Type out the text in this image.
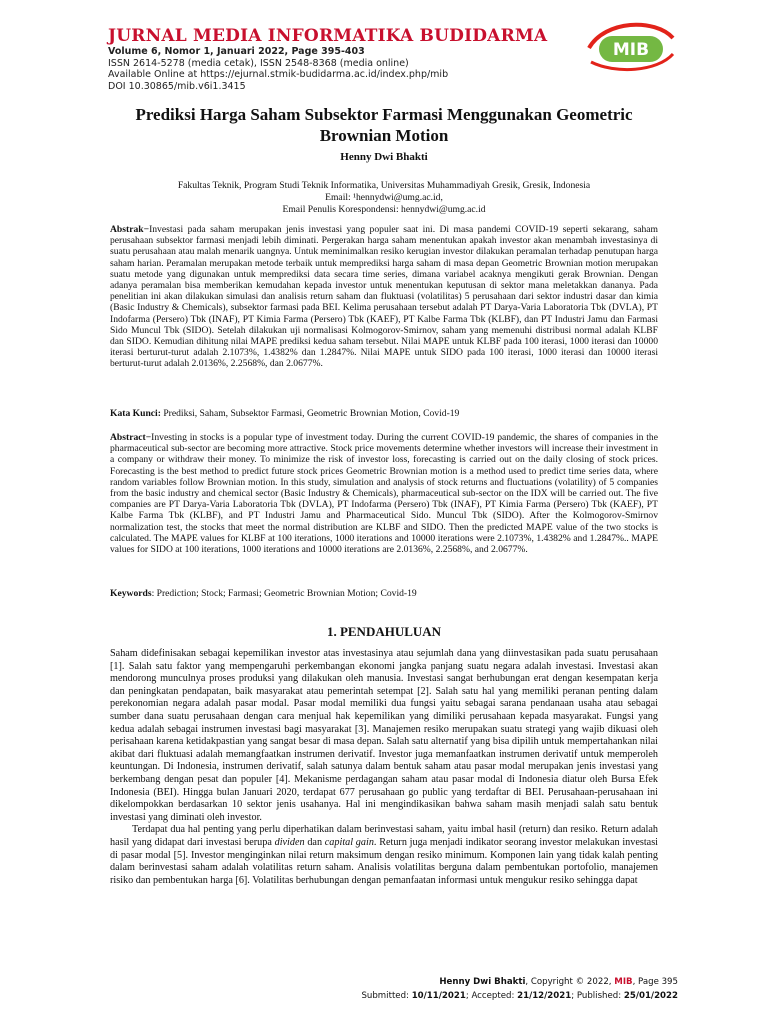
JURNAL MEDIA INFORMATIKA BUDIDARMA
Volume 6, Nomor 1, Januari 2022, Page 395-403
ISSN 2614-5278 (media cetak), ISSN 2548-8368 (media online)
Available Online at https://ejurnal.stmik-budidarma.ac.id/index.php/mib
DOI 10.30865/mib.v6i1.3415
MIB
Prediksi Harga Saham Subsektor Farmasi Menggunakan Geometric
Brownian Motion
Henny Dwi Bhakti
Fakultas Teknik, Program Studi Teknik Informatika, Universitas Muhammadiyah Gresik, Gresik, Indonesia
Email: ¹hennydwi@umg.ac.id,
Email Penulis Korespondensi: hennydwi@umg.ac.id
Abstrak−Investasi pada saham merupakan jenis investasi yang populer saat ini. Di masa pandemi COVID-19 seperti sekarang, saham perusahaan subsektor farmasi menjadi lebih diminati. Pergerakan harga saham menentukan apakah investor akan menambah investasinya di suatu perusahaan atau malah menarik uangnya. Untuk meminimalkan resiko kerugian investor dilakukan peramalan terhadap penutupan harga saham harian. Peramalan merupakan metode terbaik untuk memprediksi harga saham di masa depan Geometric Brownian motion merupakan suatu metode yang digunakan untuk memprediksi data secara time series, dimana variabel acaknya mengikuti gerak Brownian. Dengan adanya peramalan bisa memberikan kemudahan kepada investor untuk menentukan keputusan di sektor mana meletakkan dananya. Pada penelitian ini akan dilakukan simulasi dan analisis return saham dan fluktuasi (volatilitas) 5 perusahaan dari sektor industri dasar dan kimia (Basic Industry & Chemicals), subsektor farmasi pada BEI. Kelima perusahaan tersebut adalah PT Darya-Varia Laboratoria Tbk (DVLA), PT Indofarma (Persero) Tbk (INAF), PT Kimia Farma (Persero) Tbk (KAEF), PT Kalbe Farma Tbk (KLBF), dan PT Industri Jamu dan Farmasi Sido Muncul Tbk (SIDO). Setelah dilakukan uji normalisasi Kolmogorov-Smirnov, saham yang memenuhi distribusi normal adalah KLBF dan SIDO. Kemudian dihitung nilai MAPE prediksi kedua saham tersebut. Nilai MAPE untuk KLBF pada 100 iterasi, 1000 iterasi dan 10000 iterasi berturut-turut adalah 2.1073%, 1.4382% dan 1.2847%. Nilai MAPE untuk SIDO pada 100 iterasi, 1000 iterasi dan 10000 iterasi berturut-turut adalah 2.0136%, 2.2568%, dan 2.0677%.
Kata Kunci: Prediksi, Saham, Subsektor Farmasi, Geometric Brownian Motion, Covid-19
Abstract−Investing in stocks is a popular type of investment today. During the current COVID-19 pandemic, the shares of companies in the pharmaceutical sub-sector are becoming more attractive. Stock price movements determine whether investors will increase their investment in a company or withdraw their money. To minimize the risk of investor loss, forecasting is carried out on the daily closing of stock prices. Forecasting is the best method to predict future stock prices Geometric Brownian motion is a method used to predict time series data, where random variables follow Brownian motion. In this study, simulation and analysis of stock returns and fluctuations (volatility) of 5 companies from the basic industry and chemical sector (Basic Industry & Chemicals), pharmaceutical sub-sector on the IDX will be carried out. The five companies are PT Darya-Varia Laboratoria Tbk (DVLA), PT Indofarma (Persero) Tbk (INAF), PT Kimia Farma (Persero) Tbk (KAEF), PT Kalbe Farma Tbk (KLBF), and PT Industri Jamu and Pharmaceutical Sido. Muncul Tbk (SIDO). After the Kolmogorov-Smirnov normalization test, the stocks that meet the normal distribution are KLBF and SIDO. Then the predicted MAPE value of the two stocks is calculated. The MAPE values for KLBF at 100 iterations, 1000 iterations and 10000 iterations were 2.1073%, 1.4382% and 1.2847%.. MAPE values for SIDO at 100 iterations, 1000 iterations and 10000 iterations are 2.0136%, 2.2568%, and 2.0677%.
Keywords: Prediction; Stock; Farmasi; Geometric Brownian Motion; Covid-19
1. PENDAHULUAN

Saham didefinisakan sebagai kepemilikan investor atas investasinya atau sejumlah dana yang diinvestasikan pada suatu perusahaan [1]. Salah satu faktor yang mempengaruhi perkembangan ekonomi jangka panjang suatu negara adalah investasi. Investasi akan mendorong munculnya proses produksi yang dilakukan oleh manusia. Investasi sangat berhubungan erat dengan kesempatan kerja dan peningkatan pendapatan, baik masyarakat atau pemerintah setempat [2]. Salah satu hal yang memiliki peranan penting dalam perekonomian negara adalah pasar modal. Pasar modal memiliki dua fungsi yaitu sebagai sarana pendanaan usaha atau sebagai sumber dana suatu perusahaan dengan cara menjual hak kepemilikan yang dimiliki perusahaan kepada masyarakat. Fungsi yang kedua adalah sebagai instrumen investasi bagi masyarakat [3]. Manajemen resiko merupakan suatu strategi yang wajib dikuasi oleh perisahaan karena ketidakpastian yang sangat besar di masa depan. Salah satu alternatif yang bisa dipilih untuk mempertahankan nilai akibat dari fluktuasi adalah memangfaatkan instrumen derivatif. Investor juga memanfaatkan instrumen derivatif untuk memperoleh keuntungan. Di Indonesia, instrumen derivatif, salah satunya dalam bentuk saham atau pasar modal merupakan jenis investasi yang berkembang dengan pesat dan populer [4]. Mekanisme perdagangan saham atau pasar modal di Indonesia diatur oleh Bursa Efek Indonesia (BEI). Hingga bulan Januari 2020, terdapat 677 perusahaan go public yang terdaftar di BEI. Perusahaan-perusahaan ini dikelompokkan berdasarkan 10 sektor jenis usahanya. Hal ini mengindikasikan bahwa saham masih menjadi salah satu bentuk investasi yang diminati oleh investor.

Terdapat dua hal penting yang perlu diperhatikan dalam berinvestasi saham, yaitu imbal hasil (return) dan resiko. Return adalah hasil yang didapat dari investasi berupa dividen dan capital gain. Return juga menjadi indikator seorang investor melakukan investasi di pasar modal [5]. Investor menginginkan nilai return maksimum dengan resiko minimum. Komponen lain yang tidak kalah penting dalam berinvestasi saham adalah volatilitas return saham. Analisis volatilitas berguna dalam pembentukan portofolio, manajemen risiko dan pembentukan harga [6]. Volatilitas berhubungan dengan pemanfaatan informasi untuk mengukur resiko sehingga dapat

Henny Dwi Bhakti, Copyright © 2022, MIB, Page 395
Submitted: 10/11/2021; Accepted: 21/12/2021; Published: 25/01/2022
